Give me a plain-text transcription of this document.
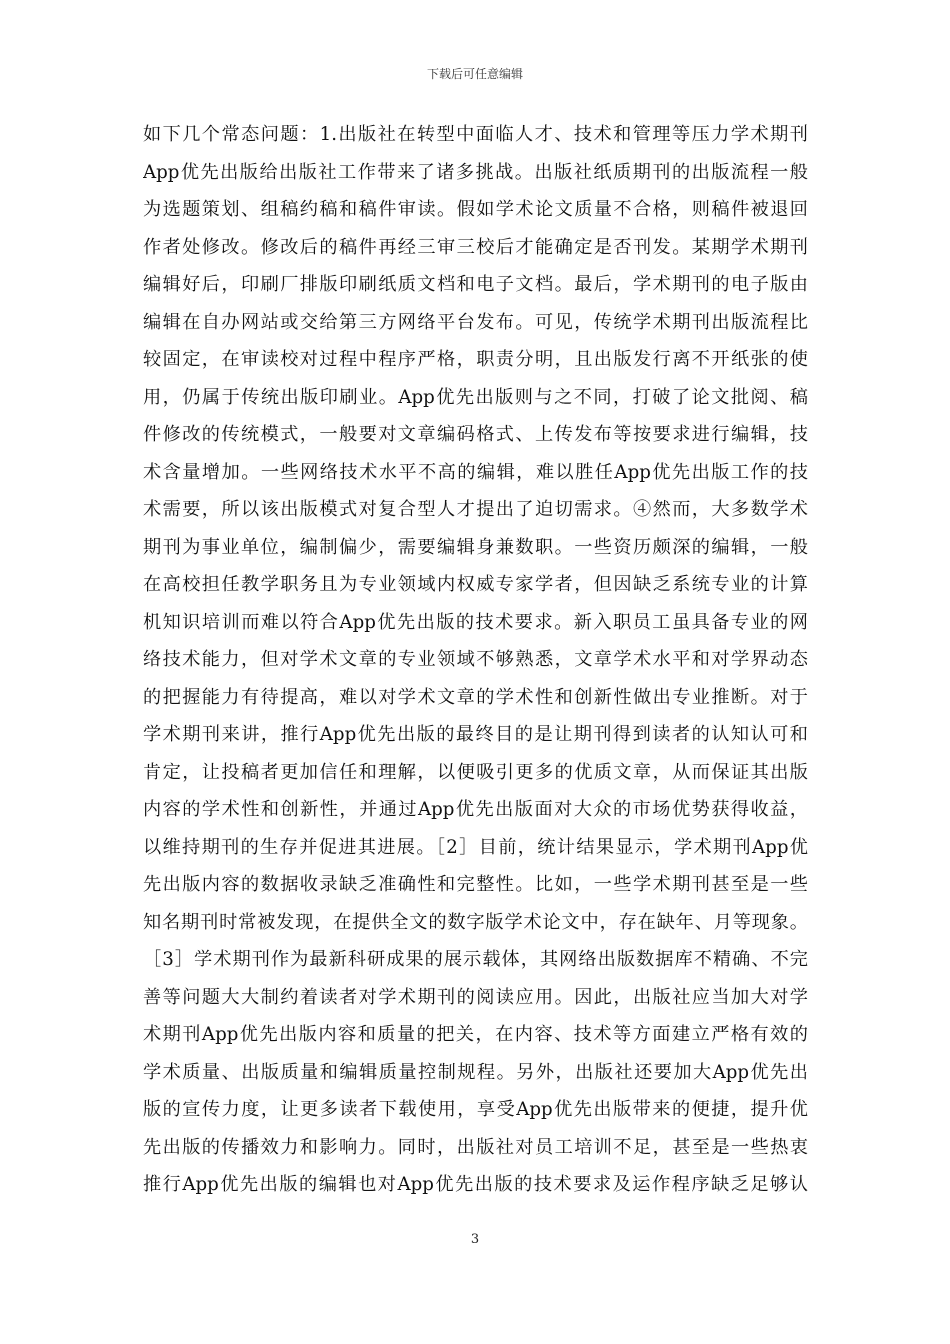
下载后可任意编辑
如下几个常态问题：1.出版社在转型中面临人才、技术和管理等压力学术期刊
App优先出版给出版社工作带来了诸多挑战。出版社纸质期刊的出版流程一般
为选题策划、组稿约稿和稿件审读。假如学术论文质量不合格，则稿件被退回
作者处修改。修改后的稿件再经三审三校后才能确定是否刊发。某期学术期刊
编辑好后，印刷厂排版印刷纸质文档和电子文档。最后，学术期刊的电子版由
编辑在自办网站或交给第三方网络平台发布。可见，传统学术期刊出版流程比
较固定，在审读校对过程中程序严格，职责分明，且出版发行离不开纸张的使
用，仍属于传统出版印刷业。App优先出版则与之不同，打破了论文批阅、稿
件修改的传统模式，一般要对文章编码格式、上传发布等按要求进行编辑，技
术含量增加。一些网络技术水平不高的编辑，难以胜任App优先出版工作的技
术需要，所以该出版模式对复合型人才提出了迫切需求。④然而，大多数学术
期刊为事业单位，编制偏少，需要编辑身兼数职。一些资历颇深的编辑，一般
在高校担任教学职务且为专业领域内权威专家学者，但因缺乏系统专业的计算
机知识培训而难以符合App优先出版的技术要求。新入职员工虽具备专业的网
络技术能力，但对学术文章的专业领域不够熟悉，文章学术水平和对学界动态
的把握能力有待提高，难以对学术文章的学术性和创新性做出专业推断。对于
学术期刊来讲，推行App优先出版的最终目的是让期刊得到读者的认知认可和
肯定，让投稿者更加信任和理解，以便吸引更多的优质文章，从而保证其出版
内容的学术性和创新性，并通过App优先出版面对大众的市场优势获得收益，
以维持期刊的生存并促进其进展。［2］目前，统计结果显示，学术期刊App优
先出版内容的数据收录缺乏准确性和完整性。比如，一些学术期刊甚至是一些
知名期刊时常被发现，在提供全文的数字版学术论文中，存在缺年、月等现象。
［3］学术期刊作为最新科研成果的展示载体，其网络出版数据库不精确、不完
善等问题大大制约着读者对学术期刊的阅读应用。因此，出版社应当加大对学
术期刊App优先出版内容和质量的把关，在内容、技术等方面建立严格有效的
学术质量、出版质量和编辑质量控制规程。另外，出版社还要加大App优先出
版的宣传力度，让更多读者下载使用，享受App优先出版带来的便捷，提升优
先出版的传播效力和影响力。同时，出版社对员工培训不足，甚至是一些热衷
推行App优先出版的编辑也对App优先出版的技术要求及运作程序缺乏足够认
3
